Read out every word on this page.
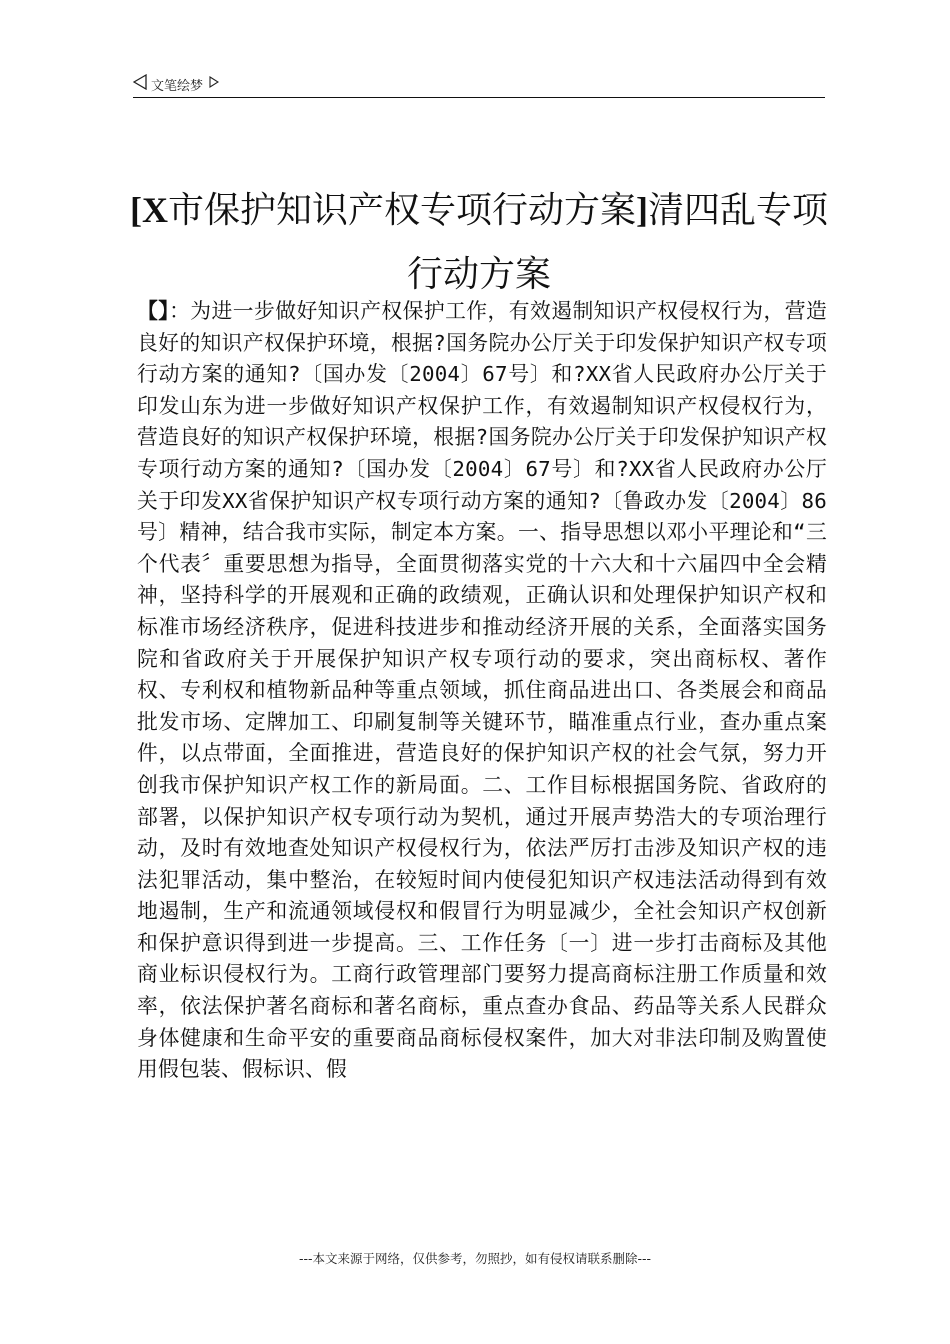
文笔绘梦
[X市保护知识产权专项行动方案]清四乱专项行动方案

【】：为进一步做好知识产权保护工作，有效遏制知识产权侵权行为，营造良好的知识产权保护环境，根据?国务院办公厅关于印发保护知识产权专项行动方案的通知?〔国办发〔2004〕67号〕和?XX省人民政府办公厅关于印发山东为进一步做好知识产权保护工作，有效遏制知识产权侵权行为，营造良好的知识产权保护环境，根据?国务院办公厅关于印发保护知识产权专项行动方案的通知?〔国办发〔2004〕67号〕和?XX省人民政府办公厅关于印发XX省保护知识产权专项行动方案的通知?〔鲁政办发〔2004〕86号〕精神，结合我市实际，制定本方案。一、指导思想以邓小平理论和“三个代表〞重要思想为指导，全面贯彻落实党的十六大和十六届四中全会精神，坚持科学的开展观和正确的政绩观，正确认识和处理保护知识产权和标准市场经济秩序，促进科技进步和推动经济开展的关系，全面落实国务院和省政府关于开展保护知识产权专项行动的要求，突出商标权、著作权、专利权和植物新品种等重点领域，抓住商品进出口、各类展会和商品批发市场、定牌加工、印刷复制等关键环节，瞄准重点行业，查办重点案件，以点带面，全面推进，营造良好的保护知识产权的社会气氛，努力开创我市保护知识产权工作的新局面。二、工作目标根据国务院、省政府的部署，以保护知识产权专项行动为契机，通过开展声势浩大的专项治理行动，及时有效地查处知识产权侵权行为，依法严厉打击涉及知识产权的违法犯罪活动，集中整治，在较短时间内使侵犯知识产权违法活动得到有效地遏制，生产和流通领域侵权和假冒行为明显减少，全社会知识产权创新和保护意识得到进一步提高。三、工作任务〔一〕进一步打击商标及其他商业标识侵权行为。工商行政管理部门要努力提高商标注册工作质量和效率，依法保护著名商标和著名商标，重点查办食品、药品等关系人民群众身体健康和生命平安的重要商品商标侵权案件，加大对非法印制及购置使用假包装、假标识、假

---本文来源于网络，仅供参考，勿照抄，如有侵权请联系删除---
